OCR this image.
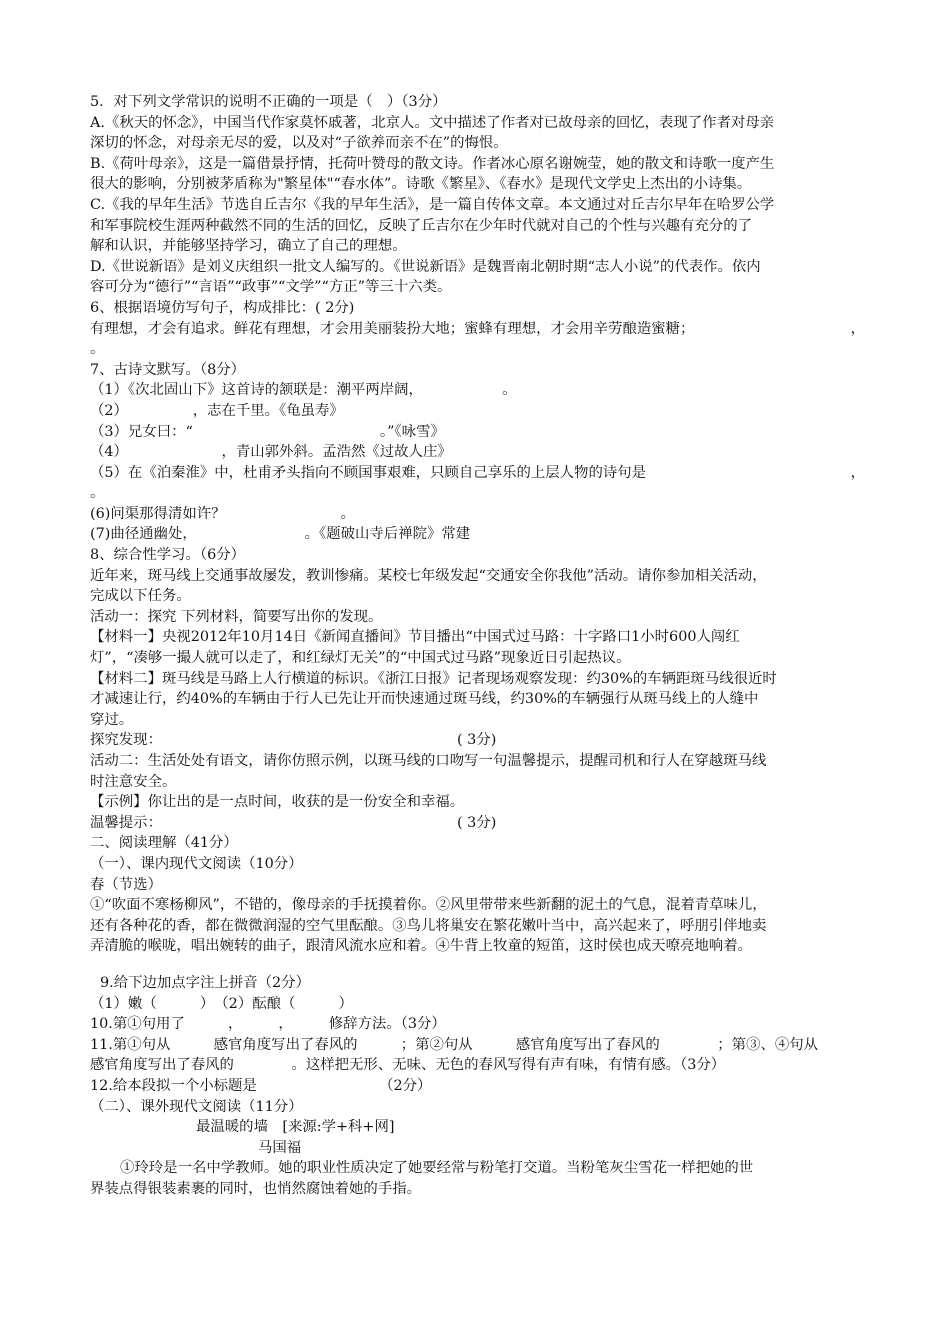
5．对下列文学常识的说明不正确的一项是（　）（3分）
A.《秋天的怀念》，中国当代作家莫怀戚著，北京人。文中描述了作者对已故母亲的回忆，表现了作者对母亲
深切的怀念，对母亲无尽的爱，以及对“子欲养而亲不在”的悔恨。
B.《荷叶母亲》，这是一篇借景抒情，托荷叶赞母的散文诗。作者冰心原名谢婉莹，她的散文和诗歌一度产生
很大的影响，分别被茅盾称为"繁星体"“春水体”。诗歌《繁星》、《春水》是现代文学史上杰出的小诗集。
C.《我的早年生活》节选自丘吉尔《我的早年生活》，是一篇自传体文章。本文通过对丘吉尔早年在哈罗公学
和军事院校生涯两种截然不同的生活的回忆，反映了丘吉尔在少年时代就对自己的个性与兴趣有充分的了
解和认识，并能够坚持学习，确立了自己的理想。
D.《世说新语》是刘义庆组织一批文人编写的。《世说新语》是魏晋南北朝时期“志人小说”的代表作。依内
容可分为“德行”“言语”“政事”“文学”“方正”等三十六类。
6、根据语境仿写句子，构成排比：( 2分)
有理想，才会有追求。鲜花有理想，才会用美丽装扮大地；蜜蜂有理想，才会用辛劳酿造蜜糖；	，
。
7、古诗文默写。（8分）
（1）《次北固山下》这首诗的颔联是：潮平两岸阔，　　　　　　。
（2）　　　　　，志在千里。《龟虽寿》
（3）兄女曰：“　　　　　　　　　　　　　。”《咏雪》
（4）　　　　　　　，青山郭外斜。孟浩然《过故人庄》
（5）在《泊秦淮》中，杜甫矛头指向不顾国事艰难，只顾自己享乐的上层人物的诗句是	，
。
(6)问渠那得清如许？　　　　　　　　。
(7)曲径通幽处，　　　　　　　　。《题破山寺后禅院》常建
8、综合性学习。（6分）
近年来，斑马线上交通事故屡发，教训惨痛。某校七年级发起“交通安全你我他”活动。请你参加相关活动，
完成以下任务。
活动一：探究 下列材料，简要写出你的发现。
【材料一】央视2012年10月14日《新闻直播间》节目播出“中国式过马路：十字路口1小时600人闯红
灯”，“凑够一撮人就可以走了，和红绿灯无关”的“中国式过马路”现象近日引起热议。
【材料二】斑马线是马路上人行横道的标识。《浙江日报》记者现场观察发现：约30%的车辆距斑马线很近时
才减速让行，约40%的车辆由于行人已先让开而快速通过斑马线，约30%的车辆强行从斑马线上的人缝中
穿过。
探究发现：　　　　　　　　　　　　　　　　　　　　　( 3分)
活动二：生活处处有语文，请你仿照示例，以斑马线的口吻写一句温馨提示，提醒司机和行人在穿越斑马线
时注意安全。
【示例】你让出的是一点时间，收获的是一份安全和幸福。
温馨提示：　　　　　　　　　　　　　　　　　　　　　( 3分)
二、阅读理解（41分）
（一）、课内现代文阅读（10分）
春（节选）
①“吹面不寒杨柳风”，不错的，像母亲的手抚摸着你。②风里带带来些新翻的泥土的气息，混着青草味儿，
还有各种花的香，都在微微润湿的空气里酝酿。③鸟儿将巢安在繁花嫩叶当中，高兴起来了，呼朋引伴地卖
弄清脆的喉咙，唱出婉转的曲子，跟清风流水应和着。④牛背上牧童的短笛，这时侯也成天嘹亮地响着。
9.给下边加点字注上拼音（2分）
（1）嫩（　　　）　（2）酝酿（　　　）
10.第①句用了　　　，　　　，　　　修辞方法。（3分）
11.第①句从　　　感官角度写出了春风的　　　；第②句从　　　感官角度写出了春风的　　　　；第③、④句从
感官角度写出了春风的　　　　。这样把无形、无味、无色的春风写得有声有味，有情有感。（3分）
12.给本段拟一个小标题是　　　　　　　　　（2分）
（二）、课外现代文阅读（11分）
最温暖的墙　[来源:学+科+网]
马国福
①玲玲是一名中学教师。她的职业性质决定了她要经常与粉笔打交道。当粉笔灰尘雪花一样把她的世
界装点得银装素裹的同时，也悄然腐蚀着她的手指。
